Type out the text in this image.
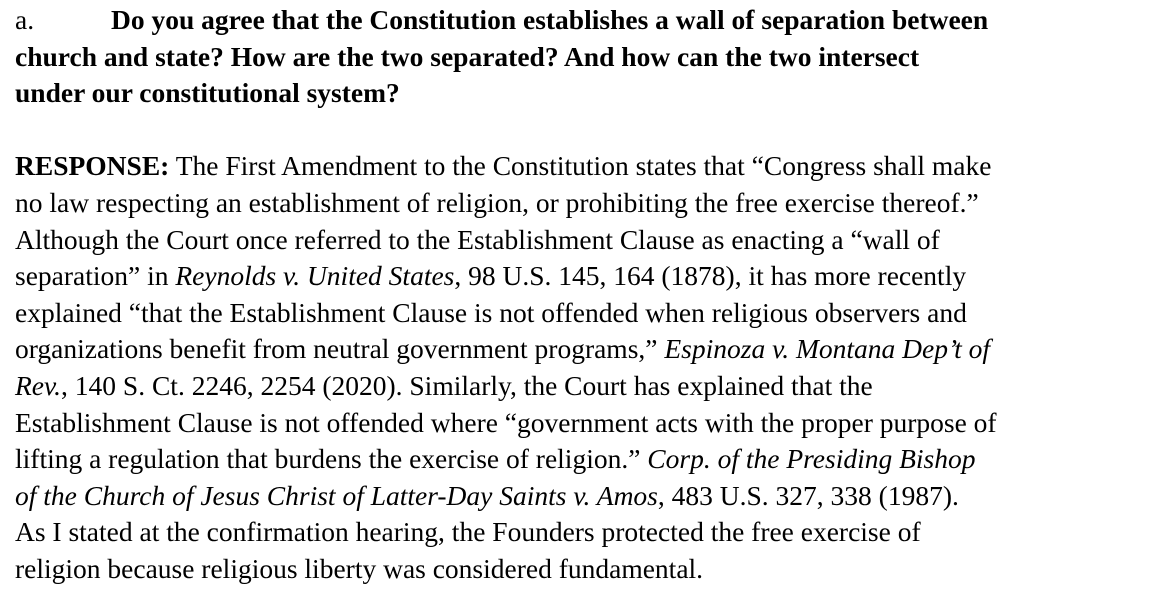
a.	Do you agree that the Constitution establishes a wall of separation between
church and state? How are the two separated? And how can the two intersect
under our constitutional system?

RESPONSE: The First Amendment to the Constitution states that “Congress shall make
no law respecting an establishment of religion, or prohibiting the free exercise thereof.”
Although the Court once referred to the Establishment Clause as enacting a “wall of
separation” in Reynolds v. United States, 98 U.S. 145, 164 (1878), it has more recently
explained “that the Establishment Clause is not offended when religious observers and
organizations benefit from neutral government programs,” Espinoza v. Montana Dep’t of
Rev., 140 S. Ct. 2246, 2254 (2020). Similarly, the Court has explained that the
Establishment Clause is not offended where “government acts with the proper purpose of
lifting a regulation that burdens the exercise of religion.” Corp. of the Presiding Bishop
of the Church of Jesus Christ of Latter-Day Saints v. Amos, 483 U.S. 327, 338 (1987).
As I stated at the confirmation hearing, the Founders protected the free exercise of
religion because religious liberty was considered fundamental.
